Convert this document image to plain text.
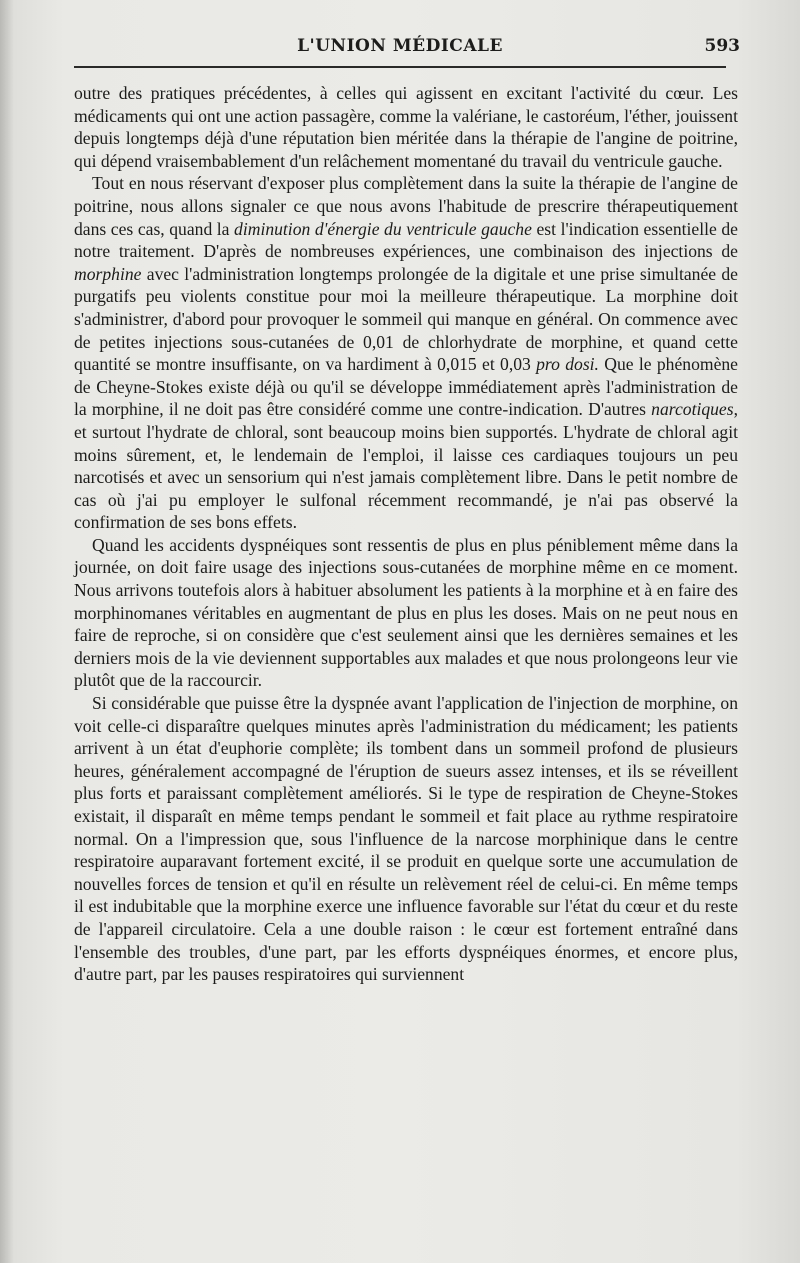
L'UNION MÉDICALE	593

outre des pratiques précédentes, à celles qui agissent en excitant l'activité du cœur. Les médicaments qui ont une action passagère, comme la valériane, le castoréum, l'éther, jouissent depuis longtemps déjà d'une réputation bien méritée dans la thérapie de l'angine de poitrine, qui dépend vraisembablement d'un relâchement momentané du travail du ventricule gauche.

Tout en nous réservant d'exposer plus complètement dans la suite la thérapie de l'angine de poitrine, nous allons signaler ce que nous avons l'habitude de prescrire thérapeutiquement dans ces cas, quand la diminution d'énergie du ventricule gauche est l'indication essentielle de notre traitement. D'après de nombreuses expériences, une combinaison des injections de morphine avec l'administration longtemps prolongée de la digitale et une prise simultanée de purgatifs peu violents constitue pour moi la meilleure thérapeutique. La morphine doit s'administrer, d'abord pour provoquer le sommeil qui manque en général. On commence avec de petites injections sous-cutanées de 0,01 de chlorhydrate de morphine, et quand cette quantité se montre insuffisante, on va hardiment à 0,015 et 0,03 pro dosi. Que le phénomène de Cheyne-Stokes existe déjà ou qu'il se développe immédiatement après l'administration de la morphine, il ne doit pas être considéré comme une contre-indication. D'autres narcotiques, et surtout l'hydrate de chloral, sont beaucoup moins bien supportés. L'hydrate de chloral agit moins sûrement, et, le lendemain de l'emploi, il laisse ces cardiaques toujours un peu narcotisés et avec un sensorium qui n'est jamais complètement libre. Dans le petit nombre de cas où j'ai pu employer le sulfonal récemment recommandé, je n'ai pas observé la confirmation de ses bons effets.

Quand les accidents dyspnéiques sont ressentis de plus en plus péniblement même dans la journée, on doit faire usage des injections sous-cutanées de morphine même en ce moment. Nous arrivons toutefois alors à habituer absolument les patients à la morphine et à en faire des morphinomanes véritables en augmentant de plus en plus les doses. Mais on ne peut nous en faire de reproche, si on considère que c'est seulement ainsi que les dernières semaines et les derniers mois de la vie deviennent supportables aux malades et que nous prolongeons leur vie plutôt que de la raccourcir.

Si considérable que puisse être la dyspnée avant l'application de l'injection de morphine, on voit celle-ci disparaître quelques minutes après l'administration du médicament; les patients arrivent à un état d'euphorie complète; ils tombent dans un sommeil profond de plusieurs heures, généralement accompagné de l'éruption de sueurs assez intenses, et ils se réveillent plus forts et paraissant complètement améliorés. Si le type de respiration de Cheyne-Stokes existait, il disparaît en même temps pendant le sommeil et fait place au rythme respiratoire normal. On a l'impression que, sous l'influence de la narcose morphinique dans le centre respiratoire auparavant fortement excité, il se produit en quelque sorte une accumulation de nouvelles forces de tension et qu'il en résulte un relèvement réel de celui-ci. En même temps il est indubitable que la morphine exerce une influence favorable sur l'état du cœur et du reste de l'appareil circulatoire. Cela a une double raison : le cœur est fortement entraîné dans l'ensemble des troubles, d'une part, par les efforts dyspnéiques énormes, et encore plus, d'autre part, par les pauses respiratoires qui surviennent
